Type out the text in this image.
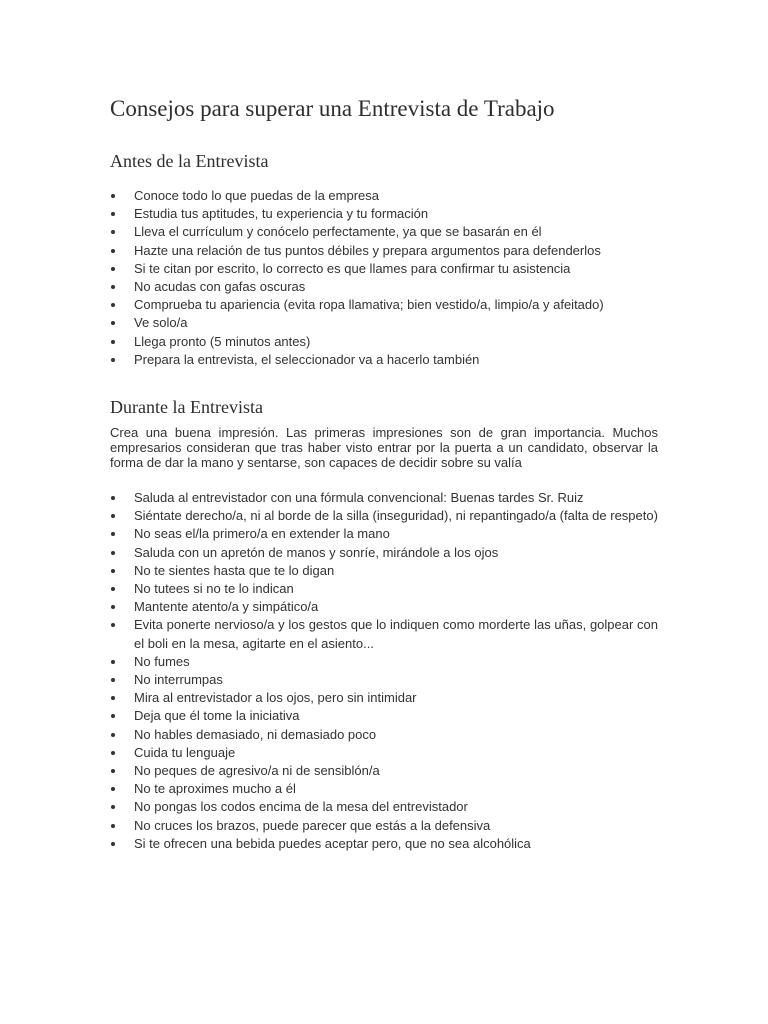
Consejos para superar una Entrevista de Trabajo
Antes de la Entrevista
Conoce todo lo que puedas de la empresa
Estudia tus aptitudes, tu experiencia y tu formación
Lleva el currículum y conócelo perfectamente, ya que se basarán en él
Hazte una relación de tus puntos débiles y prepara argumentos para defenderlos
Si te citan por escrito, lo correcto es que llames para confirmar tu asistencia
No acudas con gafas oscuras
Comprueba tu apariencia (evita ropa llamativa; bien vestido/a, limpio/a y afeitado)
Ve solo/a
Llega pronto (5 minutos antes)
Prepara la entrevista, el seleccionador va a hacerlo también
Durante la Entrevista

Crea una buena impresión. Las primeras impresiones son de gran importancia. Muchos empresarios consideran que tras haber visto entrar por la puerta a un candidato, observar la forma de dar la mano y sentarse, son capaces de decidir sobre su valía

Saluda al entrevistador con una fórmula convencional: Buenas tardes Sr. Ruiz
Siéntate derecho/a, ni al borde de la silla (inseguridad), ni repantingado/a (falta de respeto)
No seas el/la primero/a en extender la mano
Saluda con un apretón de manos y sonríe, mirándole a los ojos
No te sientes hasta que te lo digan
No tutees si no te lo indican
Mantente atento/a y simpático/a
Evita ponerte nervioso/a y los gestos que lo indiquen como morderte las uñas, golpear con el boli en la mesa, agitarte en el asiento...
No fumes
No interrumpas
Mira al entrevistador a los ojos, pero sin intimidar
Deja que él tome la iniciativa
No hables demasiado, ni demasiado poco
Cuida tu lenguaje
No peques de agresivo/a ni de sensiblón/a
No te aproximes mucho a él
No pongas los codos encima de la mesa del entrevistador
No cruces los brazos, puede parecer que estás a la defensiva
Si te ofrecen una bebida puedes aceptar pero, que no sea alcohólica
